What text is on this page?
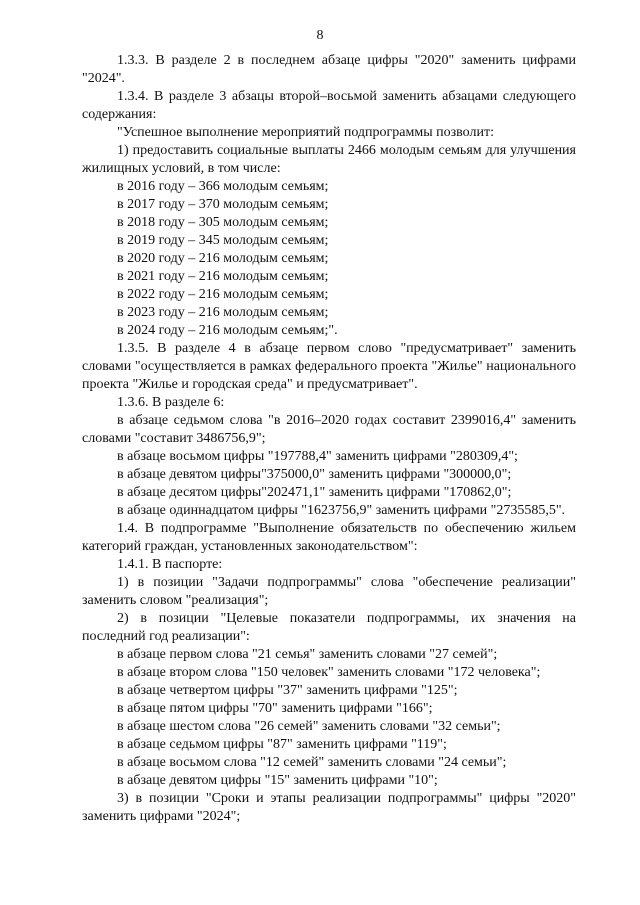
8

1.3.3. В разделе 2 в последнем абзаце цифры "2020" заменить цифрами "2024".

1.3.4. В разделе 3 абзацы второй–восьмой заменить абзацами следующего содержания:

"Успешное выполнение мероприятий подпрограммы позволит:

1) предоставить социальные выплаты 2466 молодым семьям для улучшения жилищных условий, в том числе:

в 2016 году – 366 молодым семьям;

в 2017 году – 370 молодым семьям;

в 2018 году – 305 молодым семьям;

в 2019 году – 345 молодым семьям;

в 2020 году – 216 молодым семьям;

в 2021 году – 216 молодым семьям;

в 2022 году – 216 молодым семьям;

в 2023 году – 216 молодым семьям;

в 2024 году – 216 молодым семьям;".

1.3.5. В разделе 4 в абзаце первом слово "предусматривает" заменить словами "осуществляется в рамках федерального проекта "Жилье" национального проекта "Жилье и городская среда" и предусматривает".

1.3.6. В разделе 6:

в абзаце седьмом слова "в 2016–2020 годах составит 2399016,4" заменить словами "составит 3486756,9";

в абзаце восьмом цифры "197788,4" заменить цифрами "280309,4";

в абзаце девятом цифры"375000,0" заменить цифрами "300000,0";

в абзаце десятом цифры"202471,1" заменить цифрами "170862,0";

в абзаце одиннадцатом цифры "1623756,9" заменить цифрами "2735585,5".

1.4. В подпрограмме "Выполнение обязательств по обеспечению жильем категорий граждан, установленных законодательством":

1.4.1. В паспорте:

1) в позиции "Задачи подпрограммы" слова "обеспечение реализации" заменить словом "реализация";

2) в позиции "Целевые показатели подпрограммы, их значения на последний год реализации":

в абзаце первом слова "21 семья" заменить словами "27 семей";

в абзаце втором слова "150 человек" заменить словами "172 человека";

в абзаце четвертом цифры "37" заменить цифрами "125";

в абзаце пятом цифры "70" заменить цифрами "166";

в абзаце шестом слова "26 семей" заменить словами "32 семьи";

в абзаце седьмом цифры "87" заменить цифрами "119";

в абзаце восьмом слова "12 семей" заменить словами "24 семьи";

в абзаце девятом цифры "15" заменить цифрами "10";

3) в позиции "Сроки и этапы реализации подпрограммы" цифры "2020" заменить цифрами "2024";
